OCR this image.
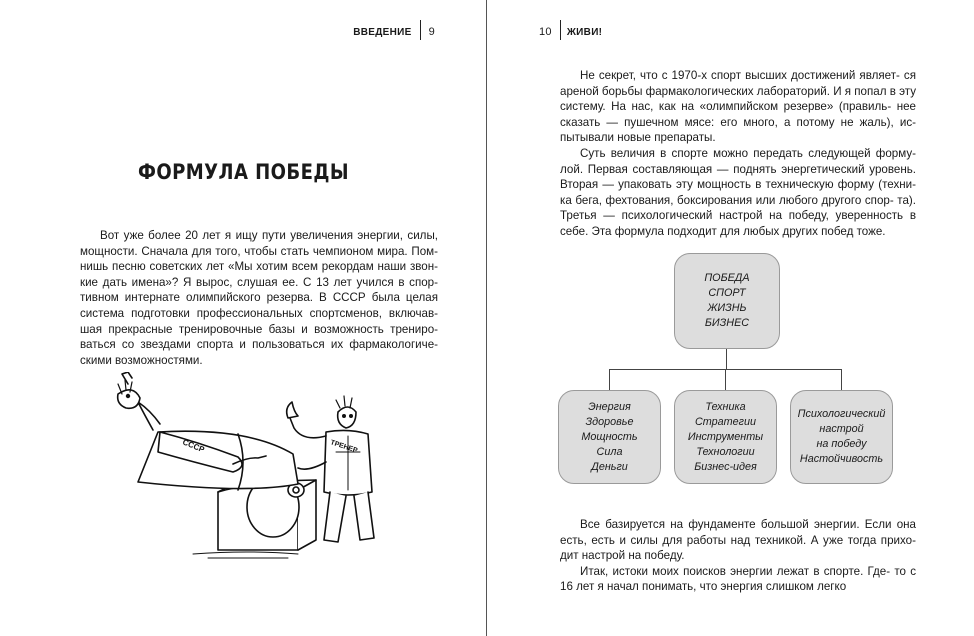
ВВЕДЕНИЕ	9
ФОРМУЛА ПОБЕДЫ

Вот уже более 20 лет я ищу пути увеличения энергии, силы, мощности. Сначала для того, чтобы стать чемпионом мира. Пом- нишь песню советских лет «Мы хотим всем рекордам наши звон- кие дать имена»? Я вырос, слушая ее. С 13 лет учился в спор- тивном интернате олимпийского резерва. В СССР была целая система подготовки профессиональных спортсменов, включав- шая прекрасные тренировочные базы и возможность трениро- ваться со звездами спорта и пользоваться их фармакологиче- скими возможностями.

СССР	ТРЕНЕР
10	ЖИВИ!

Не секрет, что с 1970-х спорт высших достижений являет- ся ареной борьбы фармакологических лабораторий. И я попал в эту систему. На нас, как на «олимпийском резерве» (правиль- нее сказать — пушечном мясе: его много, а потому не жаль), ис- пытывали новые препараты.

Суть величия в спорте можно передать следующей форму- лой. Первая составляющая — поднять энергетический уровень. Вторая — упаковать эту мощность в техническую форму (техни- ка бега, фехтования, боксирования или любого другого спор- та). Третья — психологический настрой на победу, уверенность в себе. Эта формула подходит для любых других побед тоже.

ПОБЕДА
СПОРТ
ЖИЗНЬ
БИЗНЕС
Энергия
Здоровье
Мощность
Сила
Деньги
Техника
Стратегии
Инструменты
Технологии
Бизнес-идея
Психологический
настрой
на победу
Настойчивость

Все базируется на фундаменте большой энергии. Если она есть, есть и силы для работы над техникой. А уже тогда прихо- дит настрой на победу.

Итак, истоки моих поисков энергии лежат в спорте. Где- то с 16 лет я начал понимать, что энергия слишком легко
